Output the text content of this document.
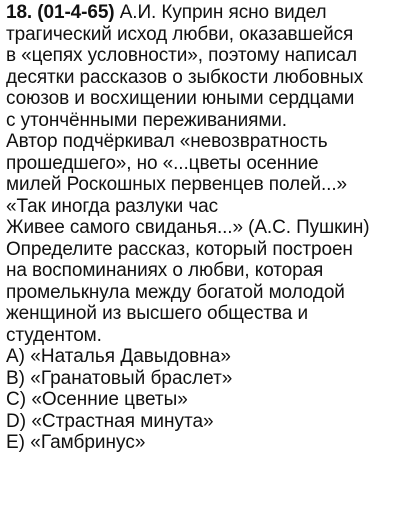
18. (01-4-65) А.И. Куприн ясно видел
трагический исход любви, оказавшейся
в «цепях условности», поэтому написал
десятки рассказов о зыбкости любовных
союзов и восхищении юными сердцами
с утончёнными переживаниями.
Автор подчёркивал «невозвратность
прошедшего», но «...цветы осенние
милей Роскошных первенцев полей...»
«Так иногда разлуки час
Живее самого свиданья...» (А.С. Пушкин)
Определите рассказ, который построен
на воспоминаниях о любви, которая
промелькнула между богатой молодой
женщиной из высшего общества и
студентом.
А) «Наталья Давыдовна»
В) «Гранатовый браслет»
С) «Осенние цветы»
D) «Страстная минута»
Е) «Гамбринус»
